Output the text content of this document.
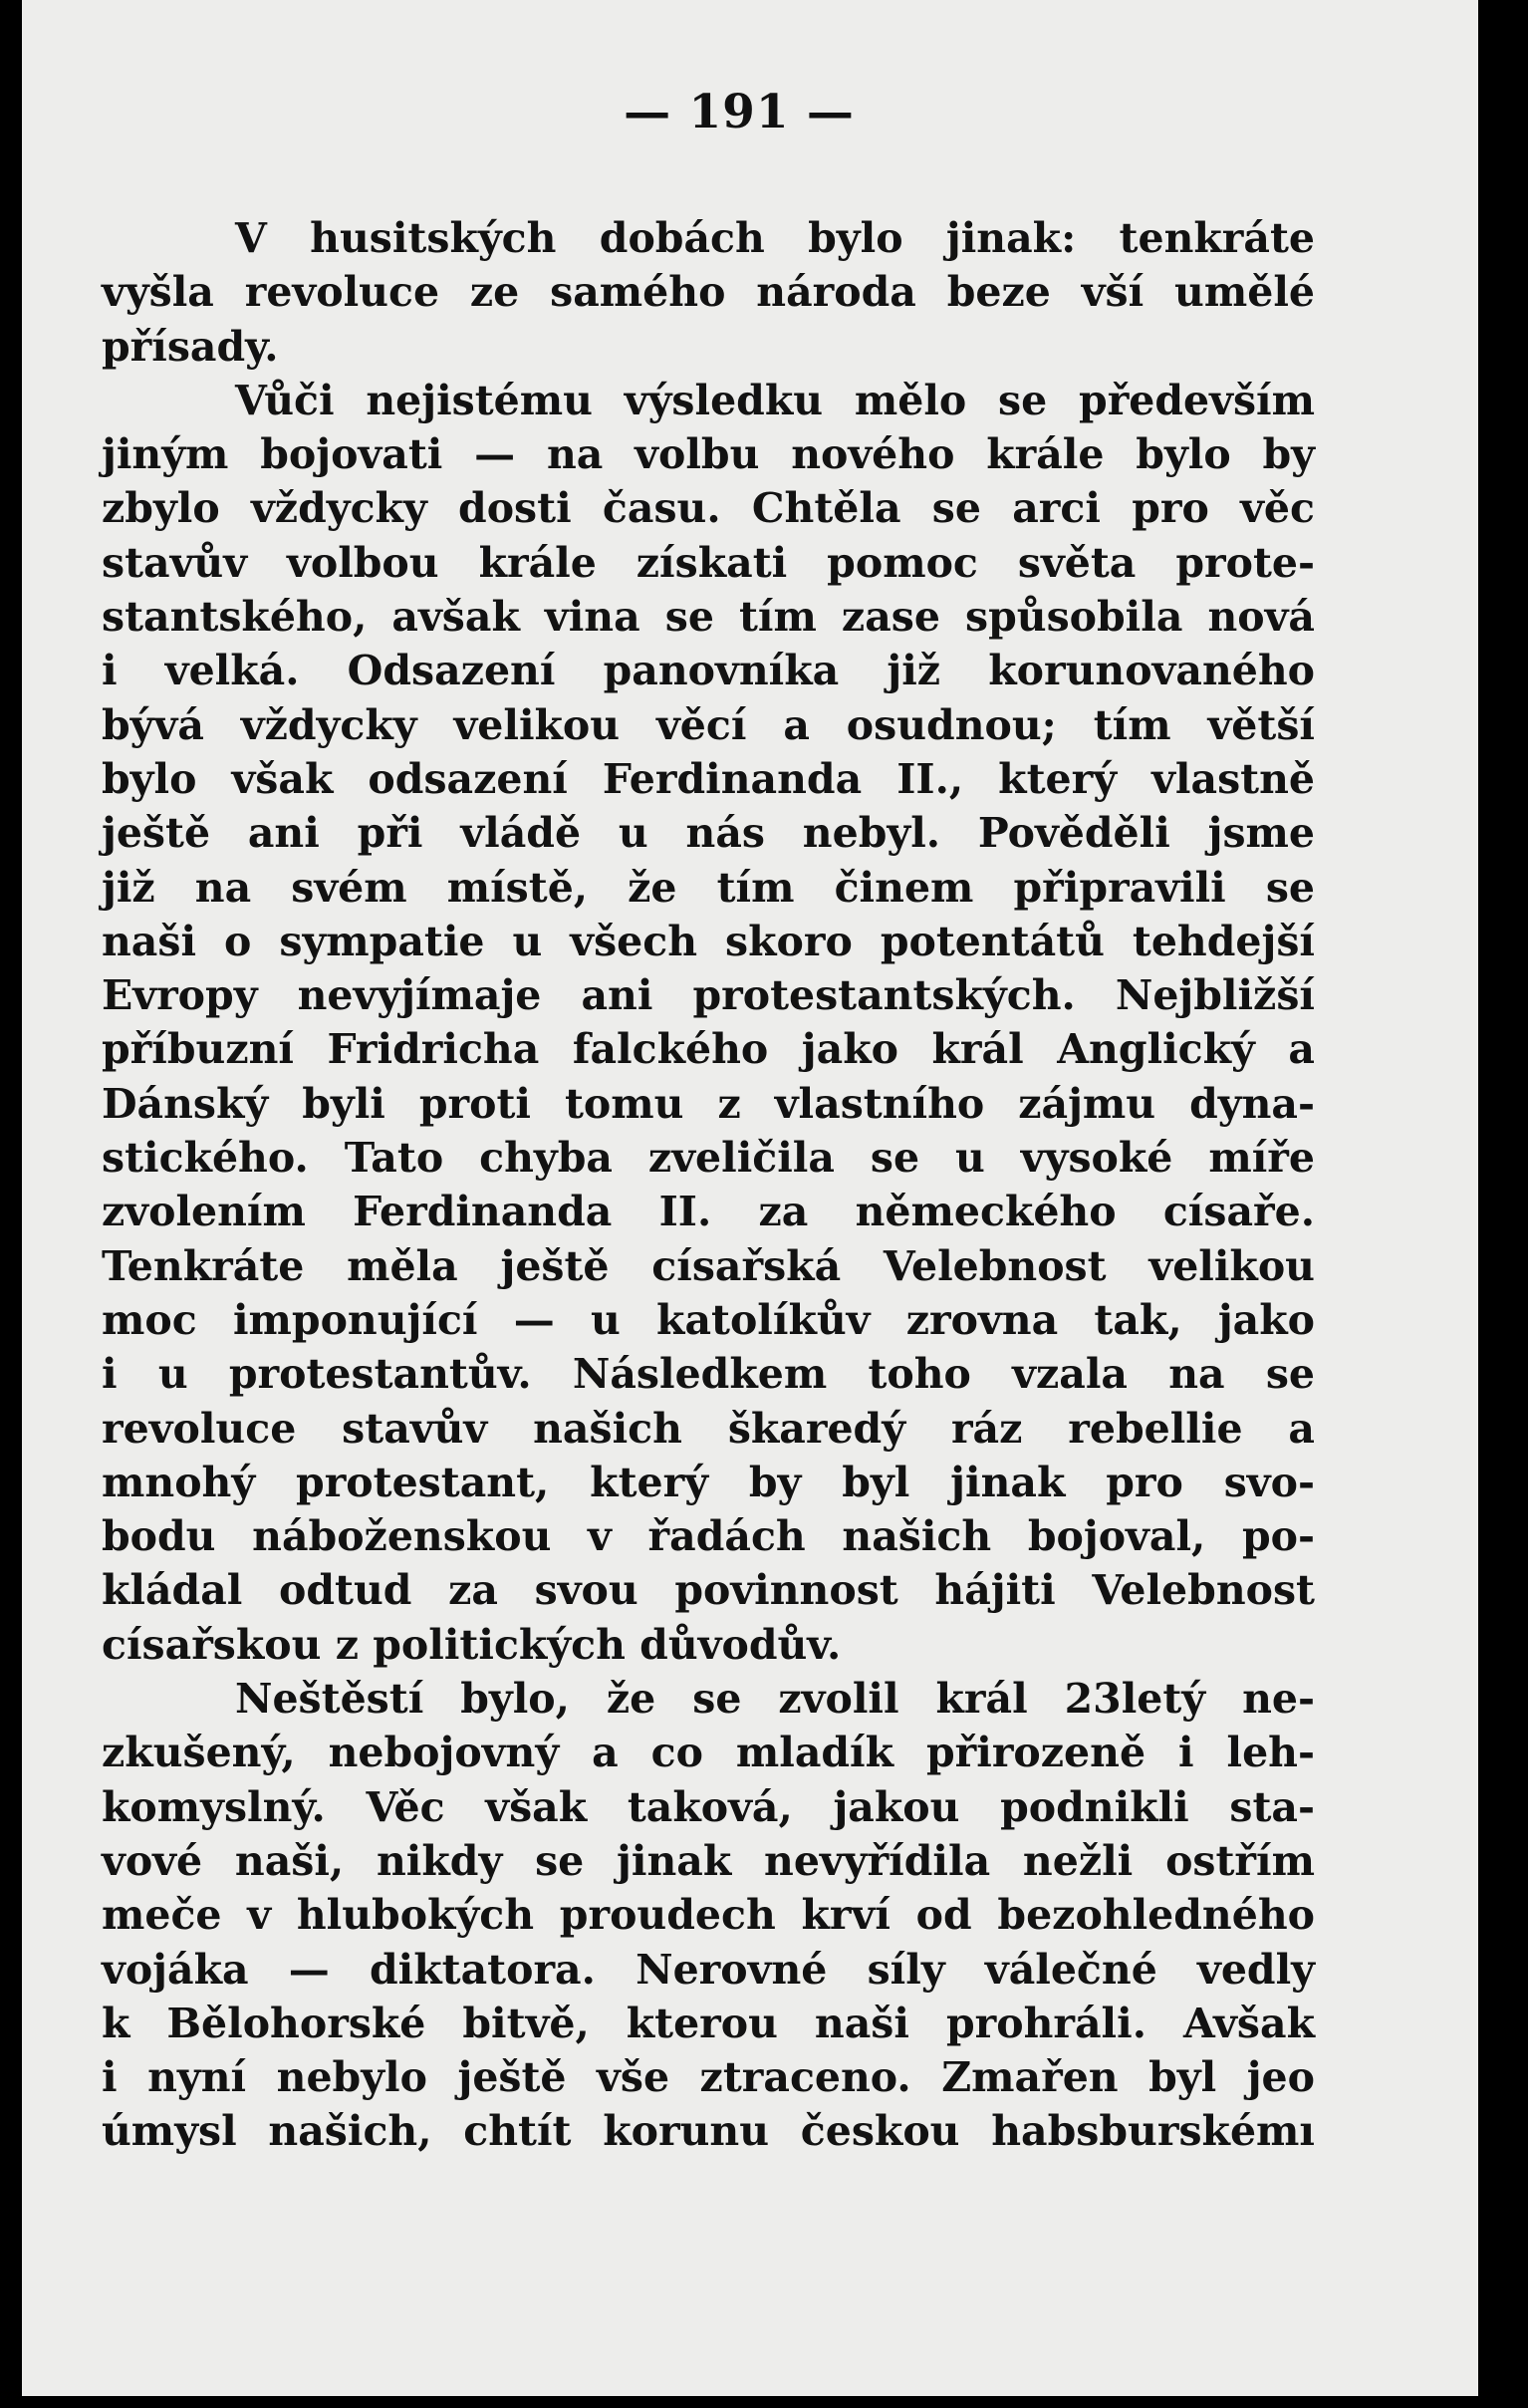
— 191 —
V husitských dobách bylo jinak: tenkráte
vyšla revoluce ze samého národa beze vší umělé
přísady.
Vůči nejistému výsledku mělo se především
jiným bojovati — na volbu nového krále bylo by
zbylo vždycky dosti času. Chtěla se arci pro věc
stavův volbou krále získati pomoc světa prote-
stantského, avšak vina se tím zase spůsobila nová
i velká. Odsazení panovníka již korunovaného
bývá vždycky velikou věcí a osudnou; tím větší
bylo však odsazení Ferdinanda II., který vlastně
ještě ani při vládě u nás nebyl. Pověděli jsme
již na svém místě, že tím činem připravili se
naši o sympatie u všech skoro potentátů tehdejší
Evropy nevyjímaje ani protestantských. Nejbližší
příbuzní Fridricha falckého jako král Anglický a
Dánský byli proti tomu z vlastního zájmu dyna-
stického. Tato chyba zveličila se u vysoké míře
zvolením Ferdinanda II. za německého císaře.
Tenkráte měla ještě císařská Velebnost velikou
moc imponující — u katolíkův zrovna tak, jako
i u protestantův. Následkem toho vzala na se
revoluce stavův našich škaredý ráz rebellie a
mnohý protestant, který by byl jinak pro svo-
bodu náboženskou v řadách našich bojoval, po-
kládal odtud za svou povinnost hájiti Velebnost
císařskou z politických důvodův.
Neštěstí bylo, že se zvolil král 23letý ne-
zkušený, nebojovný a co mladík přirozeně i leh-
komyslný. Věc však taková, jakou podnikli sta-
vové naši, nikdy se jinak nevyřídila nežli ostřím
meče v hlubokých proudech krví od bezohledného
vojáka — diktatora. Nerovné síly válečné vedly
k Bělohorské bitvě, kterou naši prohráli. Avšak
i nyní nebylo ještě vše ztraceno. Zmařen byl jeo
úmysl našich, chtít korunu českou habsburskémı
